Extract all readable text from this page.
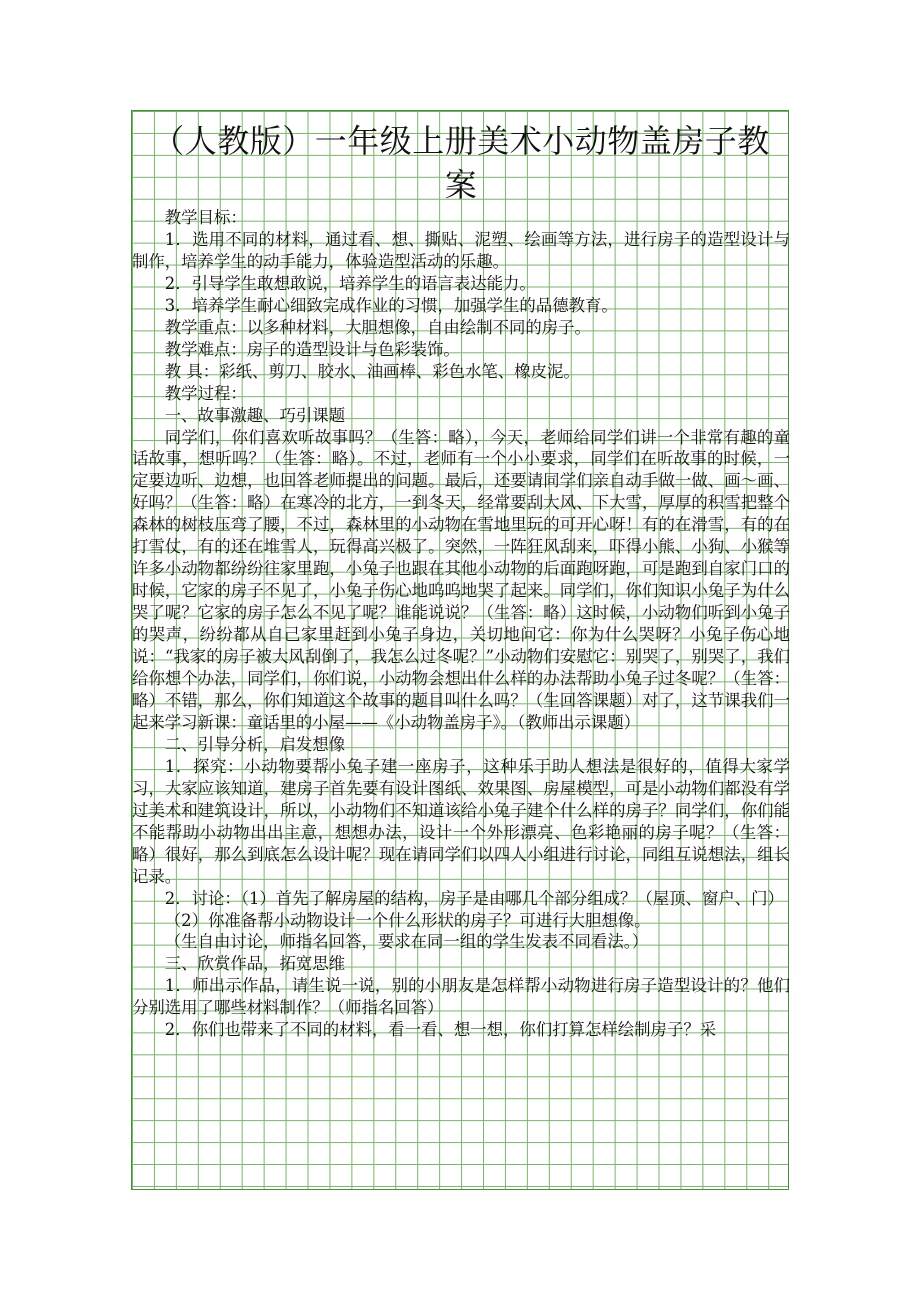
（人教版）一年级上册美术小动物盖房子教案

教学目标：

1．选用不同的材料，通过看、想、撕贴、泥塑、绘画等方法，进行房子的造型设计与制作，培养学生的动手能力，体验造型活动的乐趣。

2．引导学生敢想敢说，培养学生的语言表达能力。

3．培养学生耐心细致完成作业的习惯，加强学生的品德教育。

教学重点：以多种材料，大胆想像，自由绘制不同的房子。

教学难点：房子的造型设计与色彩装饰。

教 具：彩纸、剪刀、胶水、油画棒、彩色水笔、橡皮泥。

教学过程：

一、故事激趣、巧引课题

同学们，你们喜欢听故事吗？（生答：略），今天，老师给同学们讲一个非常有趣的童话故事，想听吗？（生答：略）。不过，老师有一个小小要求，同学们在听故事的时候，一定要边听、边想，也回答老师提出的问题。最后，还要请同学们亲自动手做一做、画～画、好吗？（生答：略）在寒冷的北方，一到冬天，经常要刮大风、下大雪，厚厚的积雪把整个森林的树枝压弯了腰，不过，森林里的小动物在雪地里玩的可开心呀！有的在滑雪，有的在打雪仗，有的还在堆雪人，玩得高兴极了。突然，一阵狂风刮来，吓得小熊、小狗、小猴等许多小动物都纷纷往家里跑，小兔子也跟在其他小动物的后面跑呀跑，可是跑到自家门口的时候，它家的房子不见了，小兔子伤心地呜呜地哭了起来。同学们，你们知识小兔子为什么哭了呢？它家的房子怎么不见了呢？谁能说说？（生答：略）这时候，小动物们听到小兔子的哭声，纷纷都从自己家里赶到小兔子身边，关切地问它：你为什么哭呀？小兔子伤心地说：“我家的房子被大风刮倒了，我怎么过冬呢？”小动物们安慰它：别哭了，别哭了，我们给你想个办法，同学们，你们说，小动物会想出什么样的办法帮助小兔子过冬呢？（生答：略）不错，那么，你们知道这个故事的题目叫什么吗？（生回答课题）对了，这节课我们一起来学习新课：童话里的小屋——《小动物盖房子》。（教师出示课题）

二、引导分析，启发想像

1．探究：小动物要帮小兔子建一座房子，这种乐于助人想法是很好的，值得大家学习，大家应该知道，建房子首先要有设计图纸、效果图、房屋模型，可是小动物们都没有学过美术和建筑设计，所以，小动物们不知道该给小兔子建个什么样的房子？同学们，你们能不能帮助小动物出出主意，想想办法，设计一个外形漂亮、色彩艳丽的房子呢？（生答：略）很好，那么到底怎么设计呢？现在请同学们以四人小组进行讨论，同组互说想法，组长记录。

2．讨论：（1）首先了解房屋的结构，房子是由哪几个部分组成？（屋顶、窗户、门）

（2）你准备帮小动物设计一个什么形状的房子？可进行大胆想像。

（生自由讨论，师指名回答，要求在同一组的学生发表不同看法。）

三、欣赏作品，拓宽思维

1．师出示作品，请生说一说，别的小朋友是怎样帮小动物进行房子造型设计的？他们分别选用了哪些材料制作？（师指名回答）

2．你们也带来了不同的材料，看一看、想一想，你们打算怎样绘制房子？采
